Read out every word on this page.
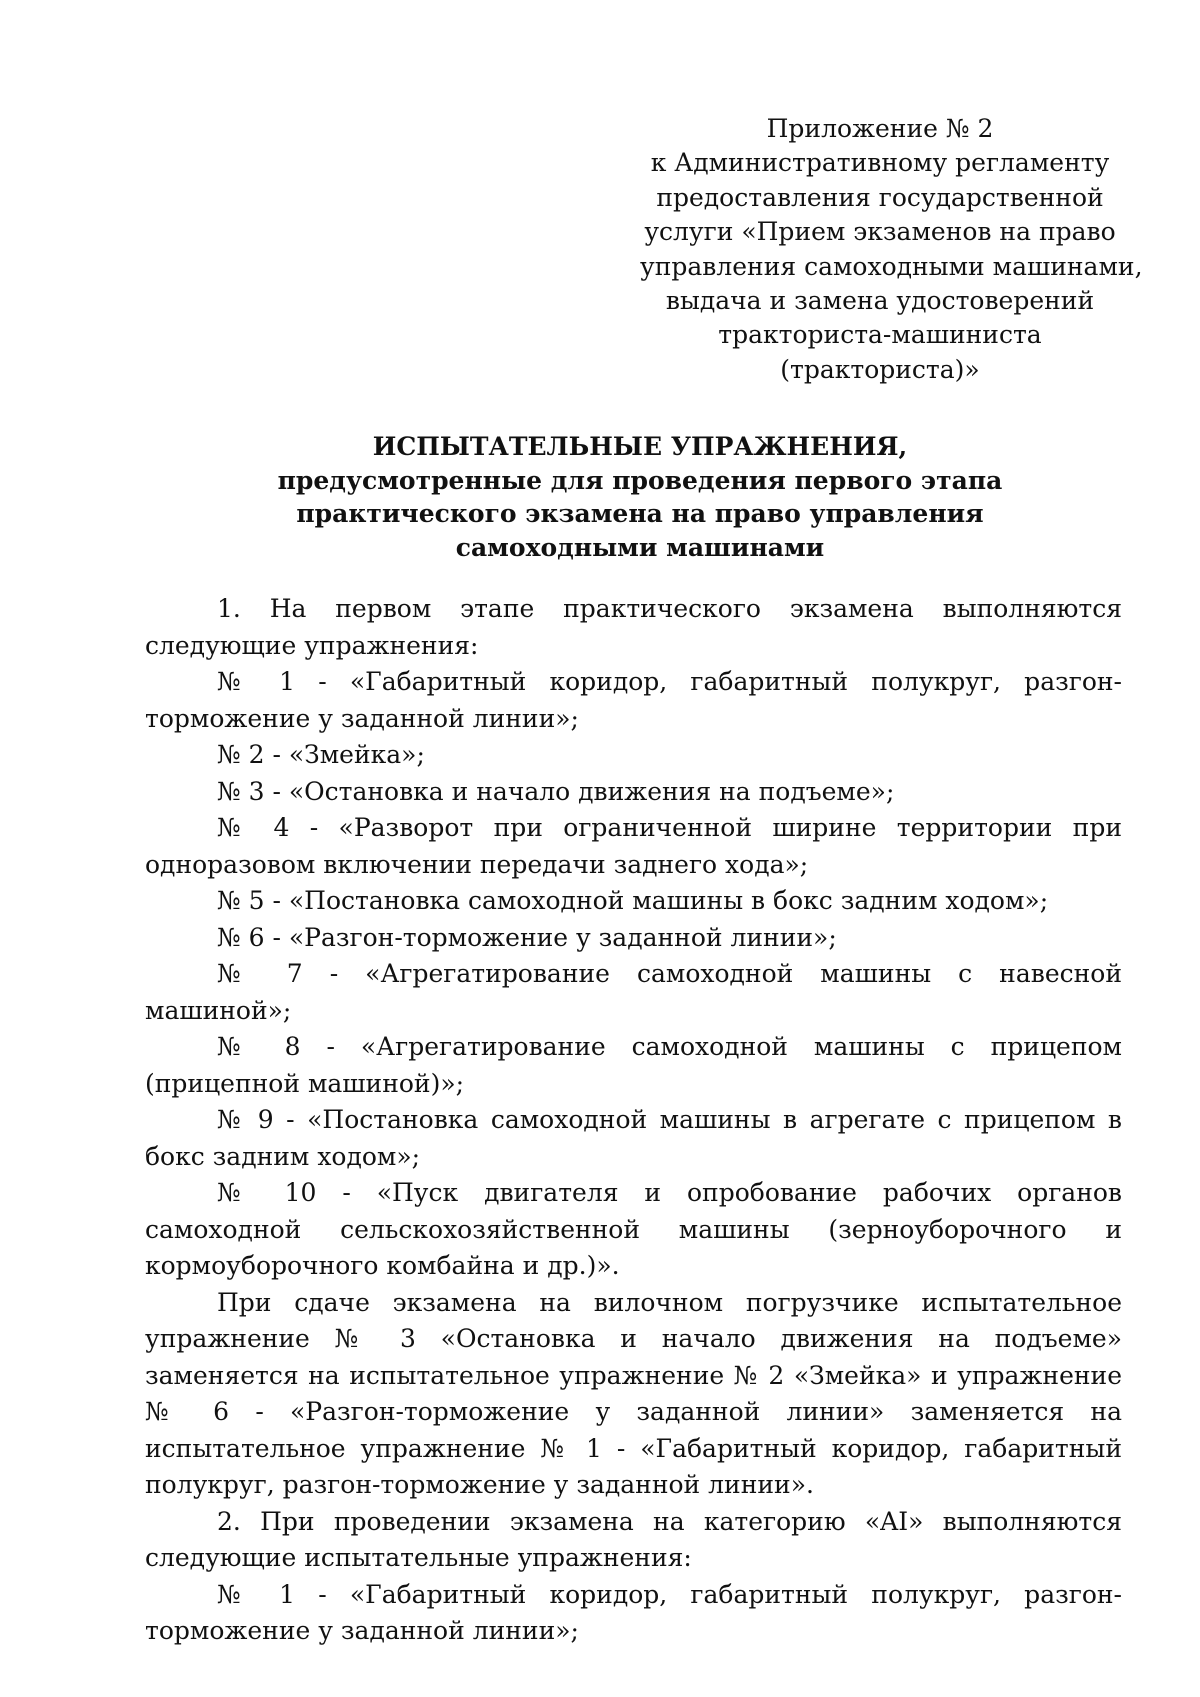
Приложение № 2
к Административному регламенту
предоставления государственной
услуги «Прием экзаменов на право
управления самоходными машинами,
выдача и замена удостоверений
тракториста-машиниста
(тракториста)»
ИСПЫТАТЕЛЬНЫЕ УПРАЖНЕНИЯ,
предусмотренные для проведения первого этапа
практического экзамена на право управления
самоходными машинами

1. На первом этапе практического экзамена выполняются следующие упражнения:

№ 1 - «Габаритный коридор, габаритный полукруг, разгон-торможение у заданной линии»;

№ 2 - «Змейка»;

№ 3 - «Остановка и начало движения на подъеме»;

№ 4 - «Разворот при ограниченной ширине территории при одноразовом включении передачи заднего хода»;

№ 5 - «Постановка самоходной машины в бокс задним ходом»;

№ 6 - «Разгон-торможение у заданной линии»;

№ 7 - «Агрегатирование самоходной машины с навесной машиной»;

№ 8 - «Агрегатирование самоходной машины с прицепом (прицепной машиной)»;

№ 9 - «Постановка самоходной машины в агрегате с прицепом в бокс задним ходом»;

№ 10 - «Пуск двигателя и опробование рабочих органов самоходной сельскохозяйственной машины (зерноуборочного и кормоуборочного комбайна и др.)».

При сдаче экзамена на вилочном погрузчике испытательное упражнение № 3 «Остановка и начало движения на подъеме» заменяется на испытательное упражнение № 2 «Змейка» и упражнение № 6 - «Разгон-торможение у заданной линии» заменяется на испытательное упражнение № 1 - «Габаритный коридор, габаритный полукруг, разгон-торможение у заданной линии».

2. При проведении экзамена на категорию «AI» выполняются следующие испытательные упражнения:

№ 1 - «Габаритный коридор, габаритный полукруг, разгон-торможение у заданной линии»;
